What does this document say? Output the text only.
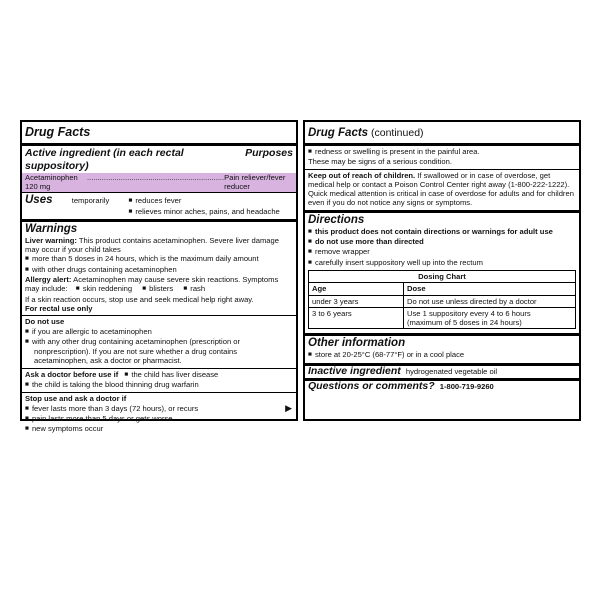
Drug Facts
Active ingredient (in each rectal suppository)
Purposes
Acetaminophen 120 mg
................................................................. Pain reliever/fever reducer
Uses	temporarily	■ reduces fever
■ relieves minor aches, pains, and headache
Warnings
Liver warning: This product contains acetaminophen. Severe liver damage may occur if your child takes
■ more than 5 doses in 24 hours, which is the maximum daily amount
■ with other drugs containing acetaminophen
Allergy alert: Acetaminophen may cause severe skin reactions. Symptoms may include: ■ skin reddening ■ blisters ■ rash
If a skin reaction occurs, stop use and seek medical help right away.
For rectal use only
Do not use
■ if you are allergic to acetaminophen
■ with any other drug containing acetaminophen (prescription or
nonprescription). If you are not sure whether a drug contains
acetaminophen, ask a doctor or pharmacist.
Ask a doctor before use if ■ the child has liver disease
■ the child is taking the blood thinning drug warfarin
Stop use and ask a doctor if
■ fever lasts more than 3 days (72 hours), or recurs
■ pain lasts more than 5 days or gets worse
■ new symptoms occur
▶
Drug Facts (continued)
■ redness or swelling is present in the painful area.
These may be signs of a serious condition.
Keep out of reach of children. If swallowed or in case of overdose, get medical help or contact a Poison Control Center right away (1-800-222-1222). Quick medical attention is critical in case of overdose for adults and for children even if you do not notice any signs or symptoms.
Directions
■ this product does not contain directions or warnings for adult use
■ do not use more than directed
■ remove wrapper
■ carefully insert suppository well up into the rectum
Dosing Chart
Age	Dose
under 3 years	Do not use unless directed by a doctor
3 to 6 years	Use 1 suppository every 4 to 6 hours
(maximum of 5 doses in 24 hours)
Other information
■ store at 20-25°C (68-77°F) or in a cool place
Inactive ingredient hydrogenated vegetable oil
Questions or comments? 1-800-719-9260
